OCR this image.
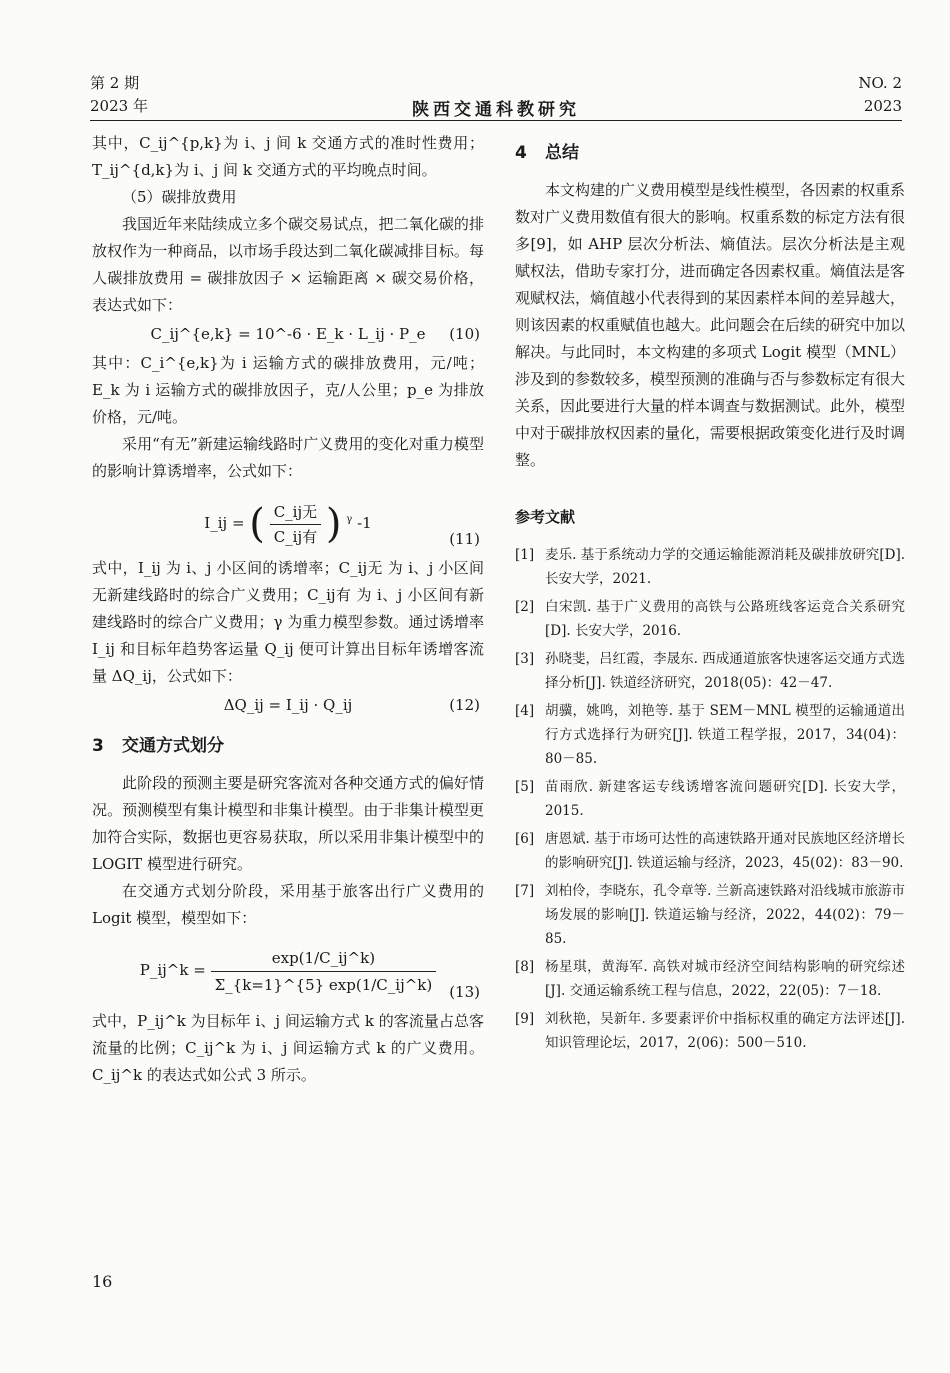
第 2 期
2023 年	陕西交通科教研究
NO. 2
2023

其中，C_ij^{p,k}为 i、j 间 k 交通方式的准时性费用；T_ij^{d,k}为 i、j 间 k 交通方式的平均晚点时间。

（5）碳排放费用

我国近年来陆续成立多个碳交易试点，把二氧化碳的排放权作为一种商品，以市场手段达到二氧化碳减排目标。每人碳排放费用 = 碳排放因子 × 运输距离 × 碳交易价格，表达式如下：

C_ij^{e,k} = 10^-6 · E_k · L_ij · P_e (10)

其中：C_i^{e,k}为 i 运输方式的碳排放费用，元/吨；E_k 为 i 运输方式的碳排放因子，克/人公里；p_e 为排放价格，元/吨。

采用“有无”新建运输线路时广义费用的变化对重力模型的影响计算诱增率，公式如下：

I_ij = ( $\frac{\text{C\_ij无}}{\text{C\_ij有}}$ ) $^\gamma$ -1
(11)

式中，I_ij 为 i、j 小区间的诱增率；C_ij无 为 i、j 小区间无新建线路时的综合广义费用；C_ij有 为 i、j 小区间有新建线路时的综合广义费用；γ 为重力模型参数。通过诱增率 I_ij 和目标年趋势客运量 Q_ij 便可计算出目标年诱增客流量 ΔQ_ij，公式如下：

ΔQ_ij = I_ij · Q_ij	(12)
3 交通方式划分

此阶段的预测主要是研究客流对各种交通方式的偏好情况。预测模型有集计模型和非集计模型。由于非集计模型更加符合实际，数据也更容易获取，所以采用非集计模型中的 LOGIT 模型进行研究。

在交通方式划分阶段，采用基于旅客出行广义费用的 Logit 模型，模型如下：

P_ij^k = $\frac{\exp(1/C\_ij\^{}k)}{\Sigma\_\{k=1\}\^{}\{5\} \exp(1/C\_ij\^{}k)} (13)$

式中，P_ij^k 为目标年 i、j 间运输方式 k 的客流量占总客流量的比例；C_ij^k 为 i、j 间运输方式 k 的广义费用。C_ij^k 的表达式如公式 3 所示。

4 总结

本文构建的广义费用模型是线性模型，各因素的权重系数对广义费用数值有很大的影响。权重系数的标定方法有很多[9]，如 AHP 层次分析法、熵值法。层次分析法是主观赋权法，借助专家打分，进而确定各因素权重。熵值法是客观赋权法，熵值越小代表得到的某因素样本间的差异越大，则该因素的权重赋值也越大。此问题会在后续的研究中加以解决。与此同时，本文构建的多项式 Logit 模型（MNL）涉及到的参数较多，模型预测的准确与否与参数标定有很大关系，因此要进行大量的样本调查与数据测试。此外，模型中对于碳排放权因素的量化，需要根据政策变化进行及时调整。

参考文献
[1] 麦乐. 基于系统动力学的交通运输能源消耗及碳排放研究[D]. 长安大学，2021.
[2] 白宋凯. 基于广义费用的高铁与公路班线客运竞合关系研究[D]. 长安大学，2016.
[3] 孙晓斐，吕红霞，李晟东. 西成通道旅客快速客运交通方式选择分析[J]. 铁道经济研究，2018(05)：42－47.
[4] 胡骥，姚鸣，刘艳等. 基于 SEM－MNL 模型的运输通道出行方式选择行为研究[J]. 铁道工程学报，2017，34(04)：80－85.
[5] 苗雨欣. 新建客运专线诱增客流问题研究[D]. 长安大学，2015.
[6] 唐恩斌. 基于市场可达性的高速铁路开通对民族地区经济增长的影响研究[J]. 铁道运输与经济，2023，45(02)：83－90.
[7] 刘柏伶，李晓东，孔令章等. 兰新高速铁路对沿线城市旅游市场发展的影响[J]. 铁道运输与经济，2022，44(02)：79－85.
[8] 杨星琪，黄海军. 高铁对城市经济空间结构影响的研究综述[J]. 交通运输系统工程与信息，2022，22(05)：7－18.
[9] 刘秋艳，吴新年. 多要素评价中指标权重的确定方法评述[J]. 知识管理论坛，2017，2(06)：500－510.
16
